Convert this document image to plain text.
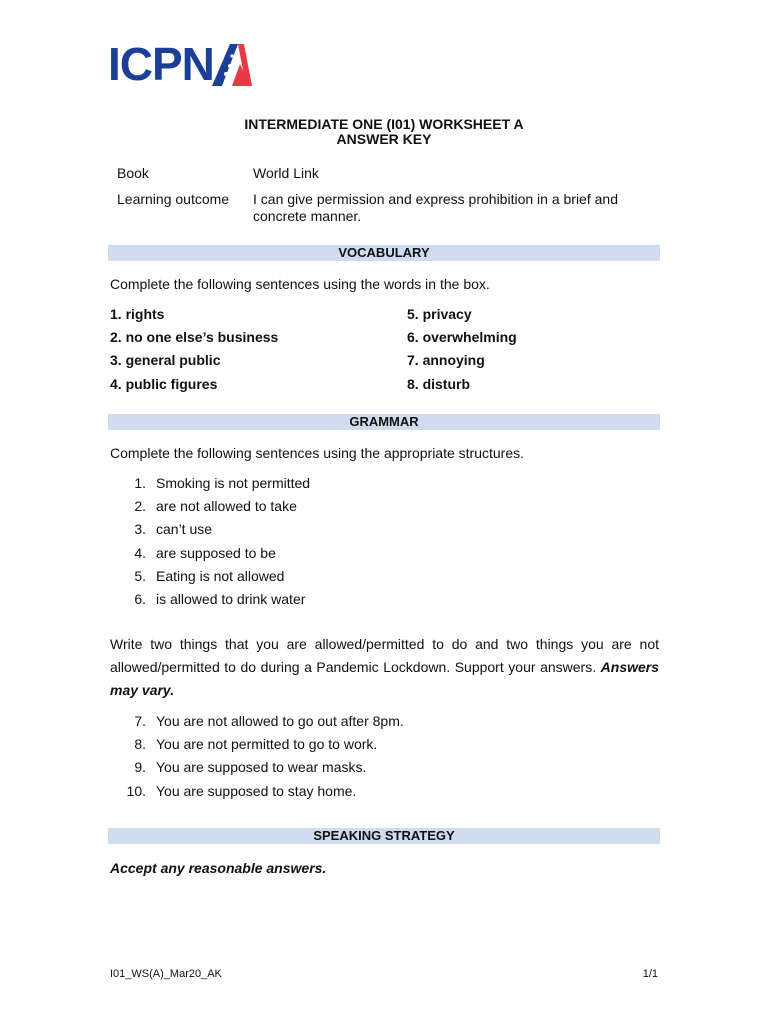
ICPN
INTERMEDIATE ONE (I01) WORKSHEET A
ANSWER KEY
Book	World Link
Learning outcome I can give permission and express prohibition in a brief and concrete manner.
VOCABULARY
Complete the following sentences using the words in the box.
1. rights
2. no one else’s business
3. general public
4. public figures
5. privacy
6. overwhelming
7. annoying
8. disturb
GRAMMAR
Complete the following sentences using the appropriate structures.
1. Smoking is not permitted
2. are not allowed to take
3. can’t use
4. are supposed to be
5. Eating is not allowed
6. is allowed to drink water
Write two things that you are allowed/permitted to do and two things you are not allowed/permitted to do during a Pandemic Lockdown. Support your answers. Answers may vary.
7. You are not allowed to go out after 8pm.
8. You are not permitted to go to work.
9. You are supposed to wear masks.
10. You are supposed to stay home.
SPEAKING STRATEGY
Accept any reasonable answers.
I01_WS(A)_Mar20_AK	1/1
